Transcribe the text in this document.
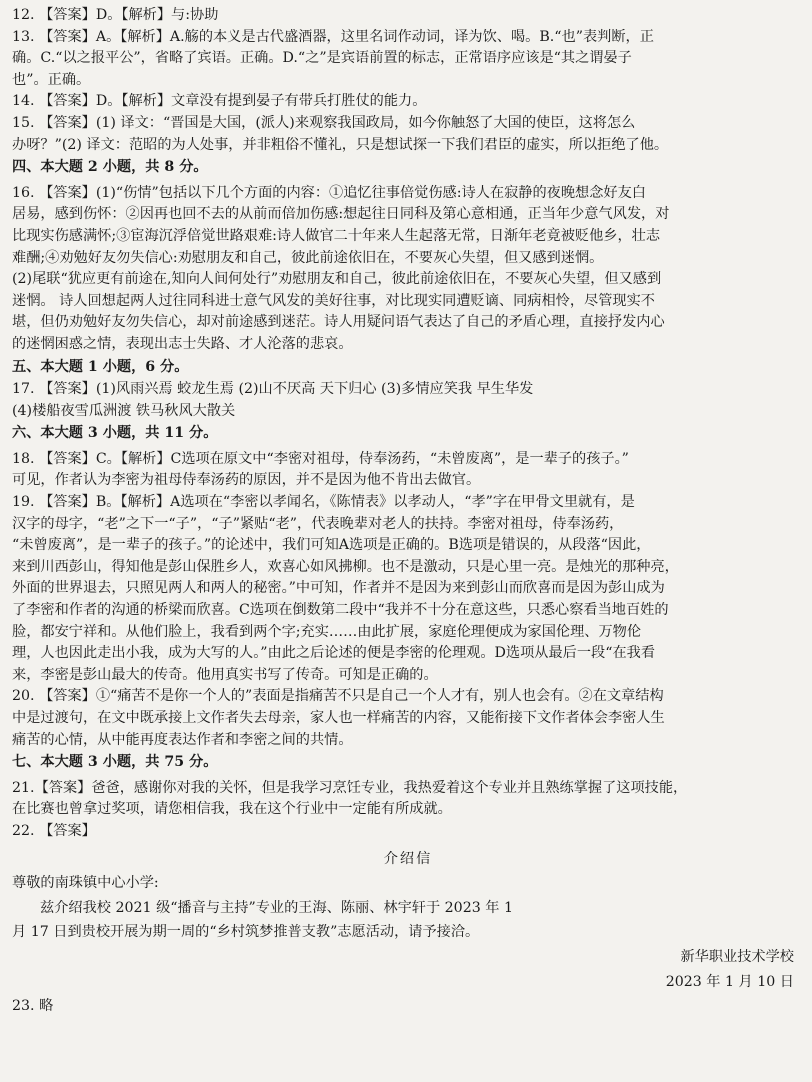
12. 【答案】D。【解析】与:协助

13. 【答案】A。【解析】A.觞的本义是古代盛酒器，这里名词作动词，译为饮、喝。B.“也”表判断，正

确。C.“以之报平公”，省略了宾语。正确。D.“之”是宾语前置的标志，正常语序应该是“其之谓晏子

也”。正确。

14. 【答案】D。【解析】文章没有提到晏子有带兵打胜仗的能力。

15. 【答案】(1) 译文：“晋国是大国，(派人)来观察我国政局，如今你触怒了大国的使臣，这将怎么

办呀？”(2) 译文：范昭的为人处事，并非粗俗不懂礼，只是想试探一下我们君臣的虚实，所以拒绝了他。

四、本大题 2 小题，共 8 分。

16. 【答案】(1)“伤情”包括以下几个方面的内容：①追忆往事倍觉伤感:诗人在寂静的夜晚想念好友白

居易，感到伤怀：②因再也回不去的从前而倍加伤感:想起往日同科及第心意相通，正当年少意气风发，对

比现实伤感满怀;③宦海沉浮倍觉世路艰难:诗人做官二十年来人生起落无常，日渐年老竟被贬他乡，壮志

难酬;④劝勉好友勿失信心:劝慰朋友和自己，彼此前途依旧在，不要灰心失望，但又感到迷惘。

(2)尾联“犹应更有前途在,知向人间何处行”劝慰朋友和自己，彼此前途依旧在，不要灰心失望，但又感到

迷惘。 诗人回想起两人过往同科进士意气风发的美好往事，对比现实同遭贬谪、同病相怜，尽管现实不

堪，但仍劝勉好友勿失信心，却对前途感到迷茫。诗人用疑问语气表达了自己的矛盾心理，直接抒发内心

的迷惘困惑之情，表现出志士失路、才人沦落的悲哀。

五、本大题 1 小题，6 分。

17. 【答案】(1)风雨兴焉 蛟龙生焉 (2)山不厌高 天下归心 (3)多情应笑我 早生华发

(4)楼船夜雪瓜洲渡 铁马秋风大散关

六、本大题 3 小题，共 11 分。

18. 【答案】C。【解析】C选项在原文中“李密对祖母，侍奉汤药，“未曾废离”，是一辈子的孩子。”

可见，作者认为李密为祖母侍奉汤药的原因，并不是因为他不肯出去做官。

19. 【答案】B。【解析】A选项在“李密以孝闻名，《陈情表》以孝动人，“孝”字在甲骨文里就有，是

汉字的母字，“老”之下一“子”，“子”紧贴“老”，代表晚辈对老人的扶持。李密对祖母，侍奉汤药，

“未曾废离”，是一辈子的孩子。”的论述中，我们可知A选项是正确的。B选项是错误的，从段落“因此，

来到川西彭山，得知他是彭山保胜乡人，欢喜心如风拂柳。也不是激动，只是心里一亮。是烛光的那种亮，

外面的世界退去，只照见两人和两人的秘密。”中可知，作者并不是因为来到彭山而欣喜而是因为彭山成为

了李密和作者的沟通的桥梁而欣喜。C选项在倒数第二段中“我并不十分在意这些，只悉心察看当地百姓的

脸，都安宁祥和。从他们脸上，我看到两个字;充实……由此扩展，家庭伦理便成为家国伦理、万物伦

理，人也因此走出小我，成为大写的人。”由此之后论述的便是李密的伦理观。D选项从最后一段“在我看

来，李密是彭山最大的传奇。他用真实书写了传奇。可知是正确的。

20. 【答案】①“痛苦不是你一个人的”表面是指痛苦不只是自己一个人才有，别人也会有。②在文章结构

中是过渡句，在文中既承接上文作者失去母亲，家人也一样痛苦的内容，又能衔接下文作者体会李密人生

痛苦的心情，从中能再度表达作者和李密之间的共情。

七、本大题 3 小题，共 75 分。

21.【答案】爸爸，感谢你对我的关怀，但是我学习烹饪专业，我热爱着这个专业并且熟练掌握了这项技能，

在比赛也曾拿过奖项，请您相信我，我在这个行业中一定能有所成就。

22. 【答案】

介绍信

尊敬的南珠镇中心小学:

兹介绍我校 2021 级“播音与主持”专业的王海、陈丽、林宇轩于 2023 年 1

月 17 日到贵校开展为期一周的“乡村筑梦推普支教”志愿活动，请予接洽。

新华职业技术学校

2023 年 1 月 10 日

23. 略
